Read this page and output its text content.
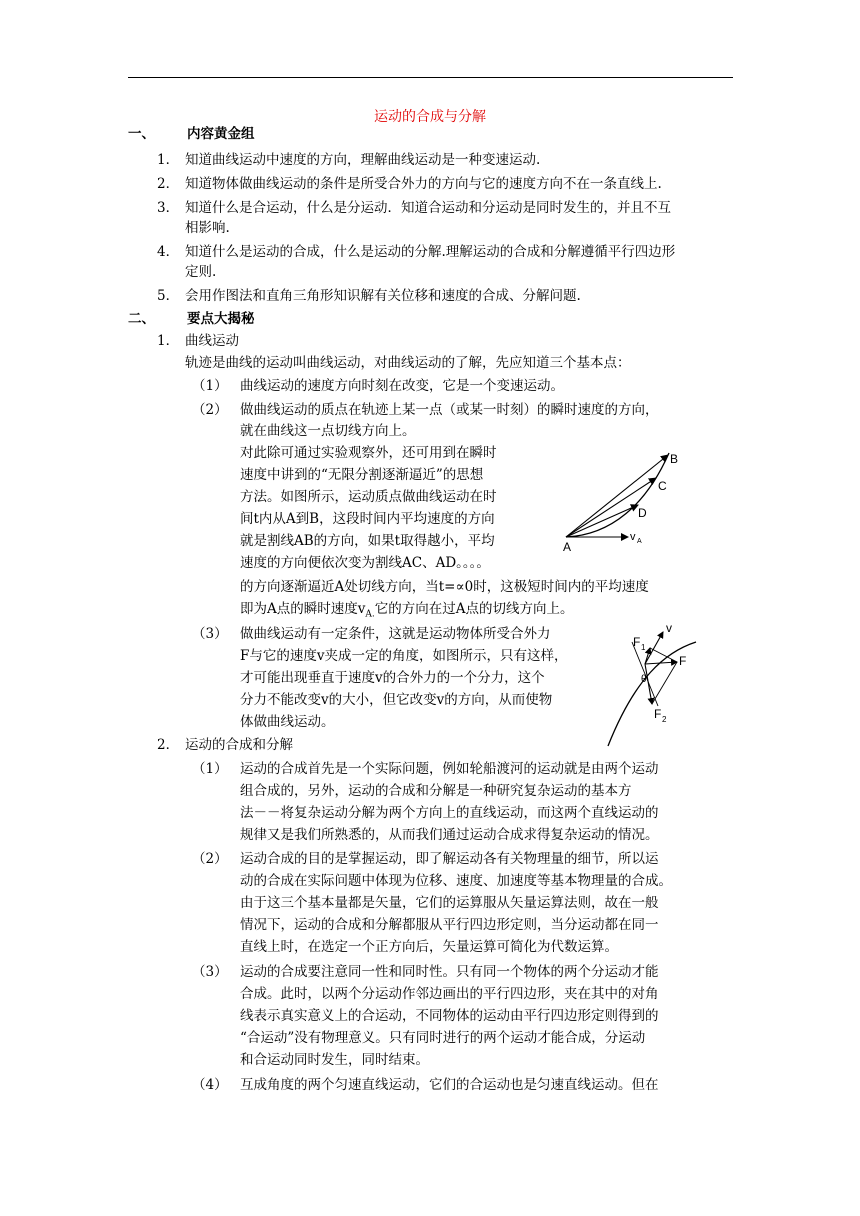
运动的合成与分解
一、 内容黄金组
1． 知道曲线运动中速度的方向，理解曲线运动是一种变速运动.
2． 知道物体做曲线运动的条件是所受合外力的方向与它的速度方向不在一条直线上.
3． 知道什么是合运动，什么是分运动．知道合运动和分运动是同时发生的，并且不互
相影响.
4． 知道什么是运动的合成，什么是运动的分解.理解运动的合成和分解遵循平行四边形
定则.
5． 会用作图法和直角三角形知识解有关位移和速度的合成、分解问题.
二、 要点大揭秘
1． 曲线运动
轨迹是曲线的运动叫曲线运动，对曲线运动的了解，先应知道三个基本点：
（1） 曲线运动的速度方向时刻在改变，它是一个变速运动。
（2） 做曲线运动的质点在轨迹上某一点（或某一时刻）的瞬时速度的方向，
就在曲线这一点切线方向上。
对此除可通过实验观察外，还可用到在瞬时
速度中讲到的“无限分割逐渐逼近”的思想
方法。如图所示，运动质点做曲线运动在时
间t内从A到B，这段时间内平均速度的方向
就是割线AB的方向，如果t取得越小，平均
速度的方向便依次变为割线AC、AD。。。。
的方向逐渐逼近A处切线方向，当t=∝0时，这极短时间内的平均速度
即为A点的瞬时速度$v_{A.}$它的方向在过A点的切线方向上。
A
B
C
D
v A
（3） 做曲线运动有一定条件，这就是运动物体所受合外力
F与它的速度v夹成一定的角度，如图所示，只有这样，
才可能出现垂直于速度v的合外力的一个分力，这个
分力不能改变v的大小，但它改变v的方向，从而使物
体做曲线运动。
F 1
v
F
θ
F 2
2． 运动的合成和分解
（1） 运动的合成首先是一个实际问题，例如轮船渡河的运动就是由两个运动
组合成的，另外，运动的合成和分解是一种研究复杂运动的基本方
法－－将复杂运动分解为两个方向上的直线运动，而这两个直线运动的
规律又是我们所熟悉的，从而我们通过运动合成求得复杂运动的情况。
（2） 运动合成的目的是掌握运动，即了解运动各有关物理量的细节，所以运
动的合成在实际问题中体现为位移、速度、加速度等基本物理量的合成。
由于这三个基本量都是矢量，它们的运算服从矢量运算法则，故在一般
情况下，运动的合成和分解都服从平行四边形定则，当分运动都在同一
直线上时，在选定一个正方向后，矢量运算可简化为代数运算。
（3） 运动的合成要注意同一性和同时性。只有同一个物体的两个分运动才能
合成。此时，以两个分运动作邻边画出的平行四边形，夹在其中的对角
线表示真实意义上的合运动，不同物体的运动由平行四边形定则得到的
“合运动”没有物理意义。只有同时进行的两个运动才能合成，分运动
和合运动同时发生，同时结束。
（4） 互成角度的两个匀速直线运动，它们的合运动也是匀速直线运动。但在
